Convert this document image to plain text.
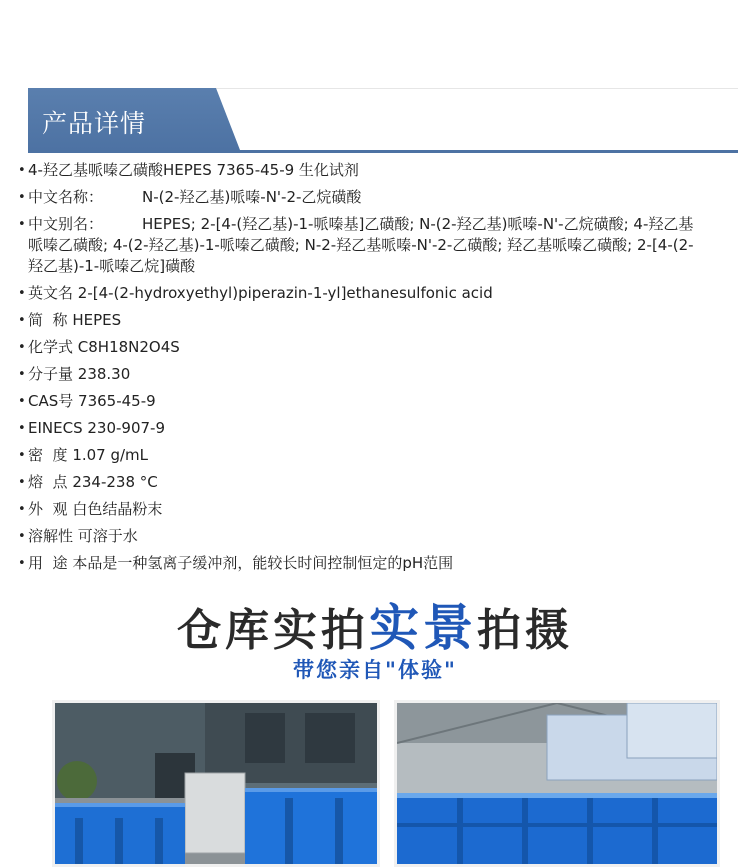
产品详情
• 4-羟乙基哌嗪乙磺酸HEPES 7365-45-9 生化试剂
• 中文名称：	N-(2-羟乙基)哌嗪-N'-2-乙烷磺酸
• 中文别名：	HEPES; 2-[4-(羟乙基)-1-哌嗪基]乙磺酸; N-(2-羟乙基)哌嗪-N'-乙烷磺酸; 4-羟乙基哌嗪乙磺酸; 4-(2-羟乙基)-1-哌嗪乙磺酸; N-2-羟乙基哌嗪-N'-2-乙磺酸; 羟乙基哌嗪乙磺酸; 2-[4-(2-羟乙基)-1-哌嗪乙烷]磺酸
• 英文名 2-[4-(2-hydroxyethyl)piperazin-1-yl]ethanesulfonic acid
• 简  称 HEPES
• 化学式 C8H18N2O4S
• 分子量 238.30
• CAS号 7365-45-9
• EINECS 230-907-9
• 密  度 1.07 g/mL
• 熔  点 234-238 °C
• 外  观 白色结晶粉末
• 溶解性 可溶于水
• 用  途 本品是一种氢离子缓冲剂，能较长时间控制恒定的pH范围
仓库实拍实景拍摄
带您亲自"体验"
